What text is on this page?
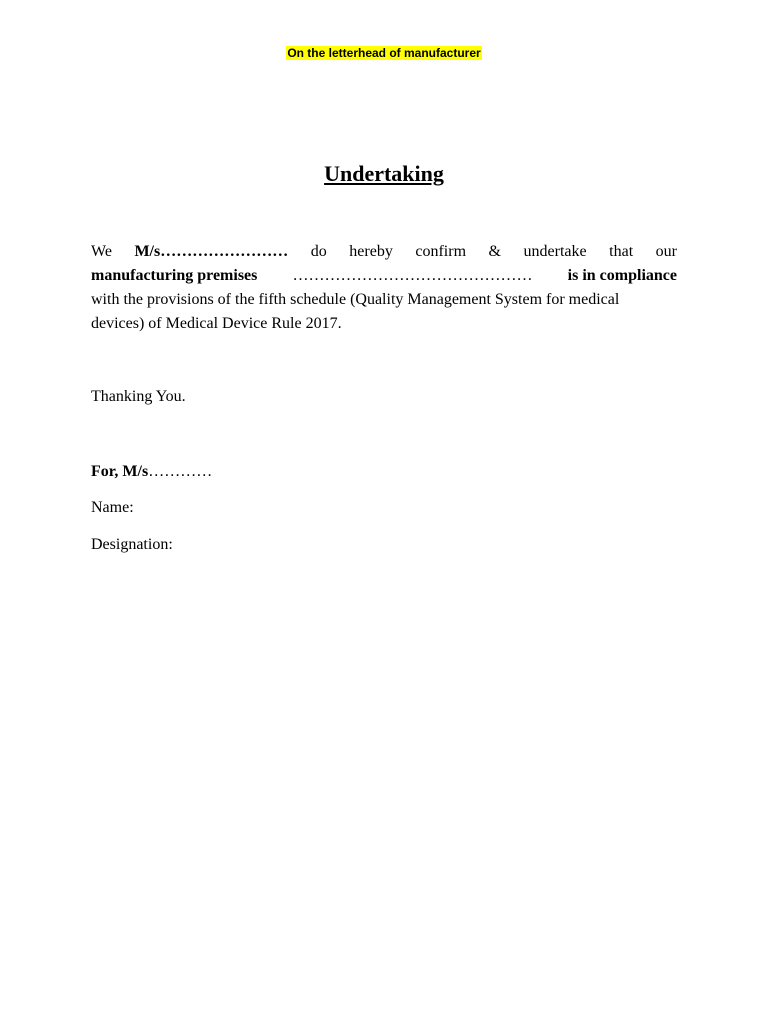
On the letterhead of manufacturer
Undertaking
We M/s…………………… do hereby confirm & undertake that our
manufacturing premises ……………………………………… is in compliance
with the provisions of the fifth schedule (Quality Management System for medical
devices) of Medical Device Rule 2017.
Thanking You.
For, M/s…………
Name:
Designation:
